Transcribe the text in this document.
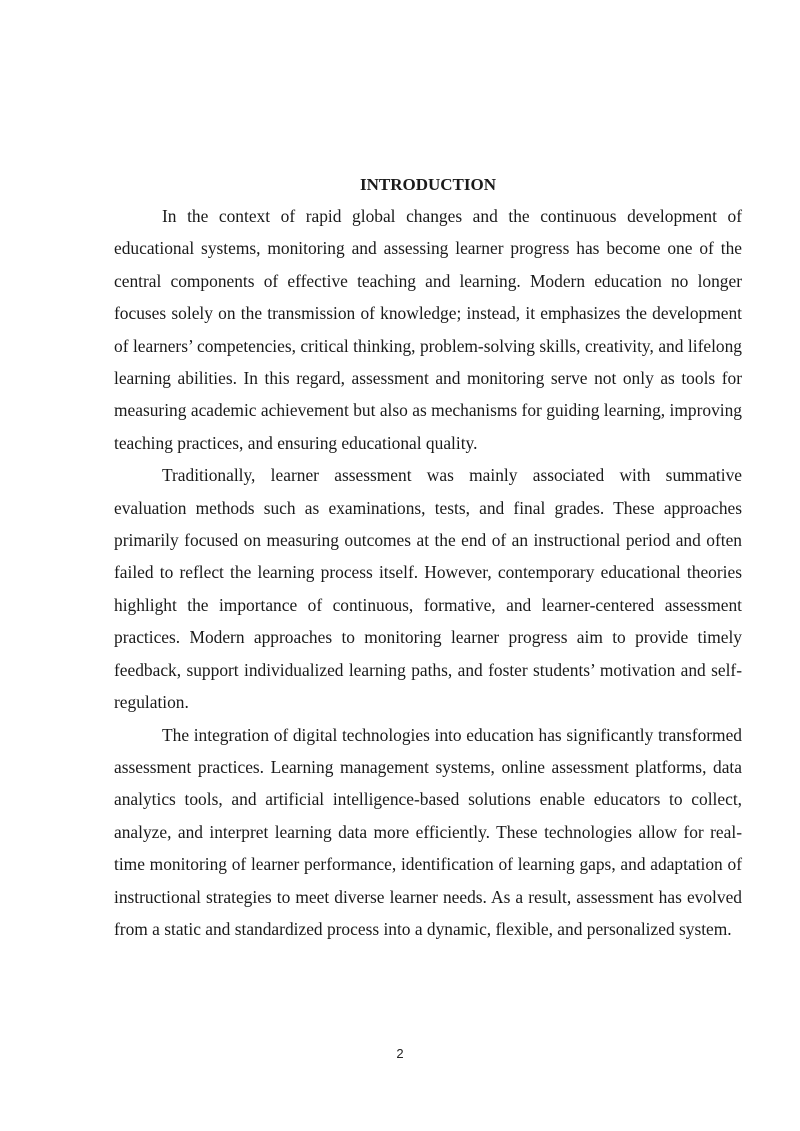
INTRODUCTION

In the context of rapid global changes and the continuous development of educational systems, monitoring and assessing learner progress has become one of the central components of effective teaching and learning. Modern education no longer focuses solely on the transmission of knowledge; instead, it emphasizes the development of learners’ competencies, critical thinking, problem-solving skills, creativity, and lifelong learning abilities. In this regard, assessment and monitoring serve not only as tools for measuring academic achievement but also as mechanisms for guiding learning, improving teaching practices, and ensuring educational quality.

Traditionally, learner assessment was mainly associated with summative evaluation methods such as examinations, tests, and final grades. These approaches primarily focused on measuring outcomes at the end of an instructional period and often failed to reflect the learning process itself. However, contemporary educational theories highlight the importance of continuous, formative, and learner-centered assessment practices. Modern approaches to monitoring learner progress aim to provide timely feedback, support individualized learning paths, and foster students’ motivation and self-regulation.

The integration of digital technologies into education has significantly transformed assessment practices. Learning management systems, online assessment platforms, data analytics tools, and artificial intelligence-based solutions enable educators to collect, analyze, and interpret learning data more efficiently. These technologies allow for real-time monitoring of learner performance, identification of learning gaps, and adaptation of instructional strategies to meet diverse learner needs. As a result, assessment has evolved from a static and standardized process into a dynamic, flexible, and personalized system.

2
